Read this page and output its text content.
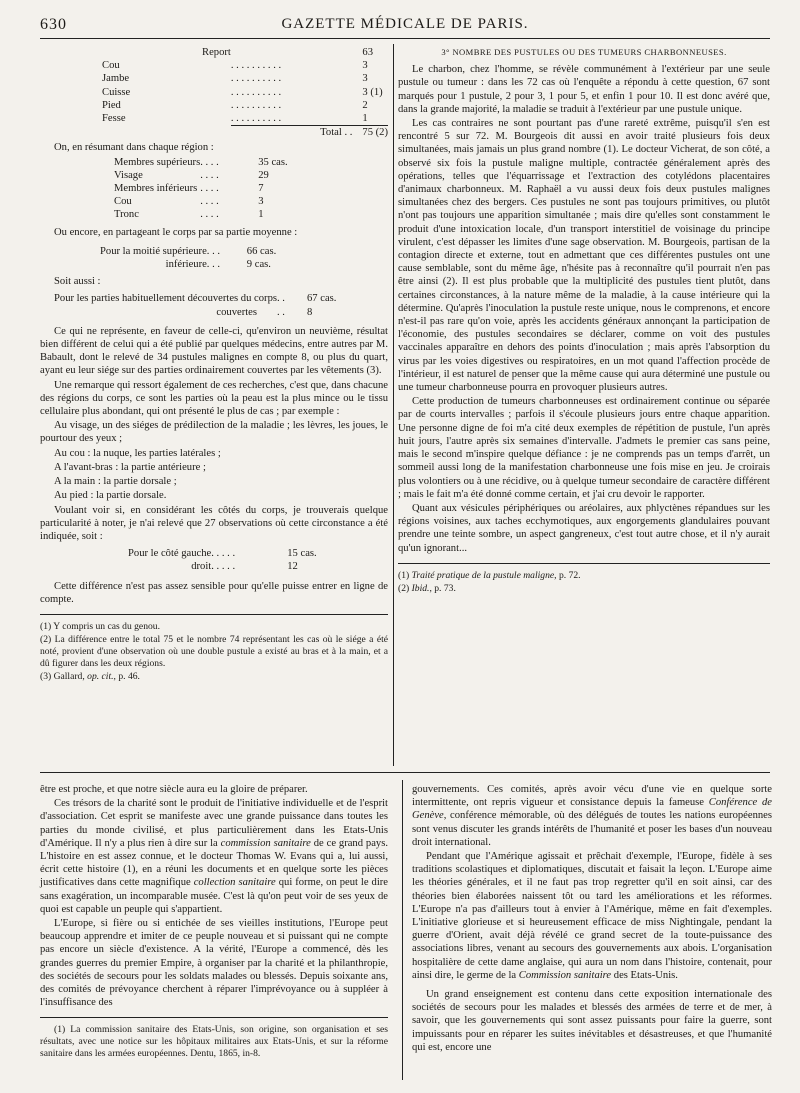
630	GAZETTE MÉDICALE DE PARIS.
Report		63
Cou	. . . . . . . . . .	3
Jambe	. . . . . . . . . .	3
Cuisse	. . . . . . . . . .	3 (1)
Pied	. . . . . . . . . .	2
Fesse	. . . . . . . . . .	1
	Total . .	75 (2)

On, en résumant dans chaque région :

Membres supérieurs	. . . .	35 cas.
Visage	. . . .	29
Membres inférieurs	. . . .	7
Cou	. . . .	3
Tronc	. . . .	1

Ou encore, en partageant le corps par sa partie moyenne :

Pour la moitié supérieure	. . .	66 cas.
inférieure	. . .	9 cas.

Soit aussi :

Pour les parties habituellement découvertes du corps	. .	67 cas.
couvertes	. .	8

Ce qui ne représente, en faveur de celle-ci, qu'environ un neuvième, résultat bien différent de celui qui a été publié par quelques médecins, entre autres par M. Babault, dont le relevé de 34 pustules malignes en compte 8, ou plus du quart, ayant eu leur siége sur des parties ordinairement couvertes par les vêtements (3).

Une remarque qui ressort également de ces recherches, c'est que, dans chacune des régions du corps, ce sont les parties où la peau est la plus mince ou le tissu cellulaire plus abondant, qui ont présenté le plus de cas ; par exemple :

Au visage, un des siéges de prédilection de la maladie ; les lèvres, les joues, le pourtour des yeux ;

Au cou : la nuque, les parties latérales ;

A l'avant-bras : la partie antérieure ;

A la main : la partie dorsale ;

Au pied : la partie dorsale.

Voulant voir si, en considérant les côtés du corps, je trouverais quelque particularité à noter, je n'ai relevé que 27 observations où cette circonstance a été indiquée, soit :

Pour le côté gauche	. . . . .	15 cas.
droit	. . . . .	12

Cette différence n'est pas assez sensible pour qu'elle puisse entrer en ligne de compte.

(1) Y compris un cas du genou.

(2) La différence entre le total 75 et le nombre 74 représentant les cas où le siége a été noté, provient d'une observation où une double pustule a existé au bras et à la main, et a dû figurer dans les deux régions.

(3) Gallard, op. cit., p. 46.

3° NOMBRE DES PUSTULES OU DES TUMEURS CHARBONNEUSES.

Le charbon, chez l'homme, se révèle communément à l'extérieur par une seule pustule ou tumeur : dans les 72 cas où l'enquête a répondu à cette question, 67 sont marqués pour 1 pustule, 2 pour 3, 1 pour 5, et enfin 1 pour 10. Il est donc avéré que, dans la grande majorité, la maladie se traduit à l'extérieur par une pustule unique.

Les cas contraires ne sont pourtant pas d'une rareté extrême, puisqu'il s'en est rencontré 5 sur 72. M. Bourgeois dit aussi en avoir traité plusieurs fois deux simultanées, mais jamais un plus grand nombre (1). Le docteur Vicherat, de son côté, a observé six fois la pustule maligne multiple, contractée généralement après des opérations, telles que l'équarrissage et l'extraction des cotylédons placentaires d'animaux charbonneux. M. Raphaël a vu aussi deux fois deux pustules malignes simultanées chez des bergers. Ces pustules ne sont pas toujours primitives, ou plutôt n'ont pas toujours une apparition simultanée ; mais dire qu'elles sont constamment le produit d'une intoxication locale, d'un transport interstitiel de voisinage du principe virulent, c'est dépasser les limites d'une sage observation. M. Bourgeois, partisan de la contagion directe et externe, tout en admettant que ces différentes pustules ont une cause semblable, sont du même âge, n'hésite pas à reconnaître qu'il pourrait n'en pas être ainsi (2). Il est plus probable que la multiplicité des pustules tient plutôt, dans certaines circonstances, à la nature même de la maladie, à la cause intérieure qui la détermine. Qu'après l'inoculation la pustule reste unique, nous le comprenons, et encore n'est-il pas rare qu'on voie, après les accidents généraux annonçant la participation de l'économie, des pustules secondaires se déclarer, comme on voit des pustules vaccinales apparaître en dehors des points d'inoculation ; mais après l'absorption du virus par les voies digestives ou respiratoires, en un mot quand l'affection procède de l'intérieur, il est naturel de penser que la même cause qui aura déterminé une pustule ou une tumeur charbonneuse pourra en provoquer plusieurs autres.

Cette production de tumeurs charbonneuses est ordinairement continue ou séparée par de courts intervalles ; parfois il s'écoule plusieurs jours entre chaque apparition. Une personne digne de foi m'a cité deux exemples de répétition de pustule, l'un après huit jours, l'autre après six semaines d'intervalle. J'admets le premier cas sans peine, mais le second m'inspire quelque défiance : je ne comprends pas un temps d'arrêt, un sommeil aussi long de la manifestation charbonneuse une fois mise en jeu. Je croirais plus volontiers ou à une récidive, ou à quelque tumeur secondaire de caractère différent ; mais le fait m'a été donné comme certain, et j'ai cru devoir le rapporter.

Quant aux vésicules périphériques ou aréolaires, aux phlyctènes répandues sur les régions voisines, aux taches ecchymotiques, aux engorgements glandulaires pouvant prendre une teinte sombre, un aspect gangreneux, c'est tout autre chose, et il n'y aurait qu'un ignorant...

(1) Traité pratique de la pustule maligne, p. 72.

(2) Ibid., p. 73.

être est proche, et que notre siècle aura eu la gloire de préparer.

Ces trésors de la charité sont le produit de l'initiative individuelle et de l'esprit d'association. Cet esprit se manifeste avec une grande puissance dans toutes les parties du monde civilisé, et plus particulièrement dans les Etats-Unis d'Amérique. Il n'y a plus rien à dire sur la commission sanitaire de ce grand pays. L'histoire en est assez connue, et le docteur Thomas W. Evans qui a, lui aussi, écrit cette histoire (1), en a réuni les documents et en quelque sorte les pièces justificatives dans cette magnifique collection sanitaire qui forme, on peut le dire sans exagération, un incomparable musée. C'est là qu'on peut voir de ses yeux de quoi est capable un peuple qui s'appartient.

L'Europe, si fière ou si entichée de ses vieilles institutions, l'Europe peut beaucoup apprendre et imiter de ce peuple nouveau et si puissant qui ne compte pas encore un siècle d'existence. A la vérité, l'Europe a commencé, dès les grandes guerres du premier Empire, à organiser par la charité et la philanthropie, des sociétés de secours pour les soldats malades ou blessés. Depuis soixante ans, des comités de prévoyance cherchent à réparer l'imprévoyance ou à suppléer à l'insuffisance des

(1) La commission sanitaire des Etats-Unis, son origine, son organisation et ses résultats, avec une notice sur les hôpitaux militaires aux Etats-Unis, et sur la réforme sanitaire dans les armées européennes. Dentu, 1865, in-8.

gouvernements. Ces comités, après avoir vécu d'une vie en quelque sorte intermittente, ont repris vigueur et consistance depuis la fameuse Conférence de Genève, conférence mémorable, où des délégués de toutes les nations européennes sont venus discuter les grands intérêts de l'humanité et poser les bases d'un nouveau droit international.

Pendant que l'Amérique agissait et prêchait d'exemple, l'Europe, fidèle à ses traditions scolastiques et diplomatiques, discutait et faisait la leçon. L'Europe aime les théories générales, et il ne faut pas trop regretter qu'il en soit ainsi, car des théories bien élaborées naissent tôt ou tard les améliorations et les réformes. L'Europe n'a pas d'ailleurs tout à envier à l'Amérique, même en fait d'exemples. L'initiative glorieuse et si heureusement efficace de miss Nightingale, pendant la guerre d'Orient, avait déjà révélé ce grand secret de la toute-puissance des associations libres, venant au secours des gouvernements aux abois. L'organisation hospitalière de cette dame anglaise, qui aura un nom dans l'histoire, contenait, pour ainsi dire, le germe de la Commission sanitaire des Etats-Unis.

Un grand enseignement est contenu dans cette exposition internationale des sociétés de secours pour les malades et blessés des armées de terre et de mer, à savoir, que les gouvernements qui sont assez puissants pour faire la guerre, sont impuissants pour en réparer les suites inévitables et désastreuses, et que l'humanité qui est, encore une
